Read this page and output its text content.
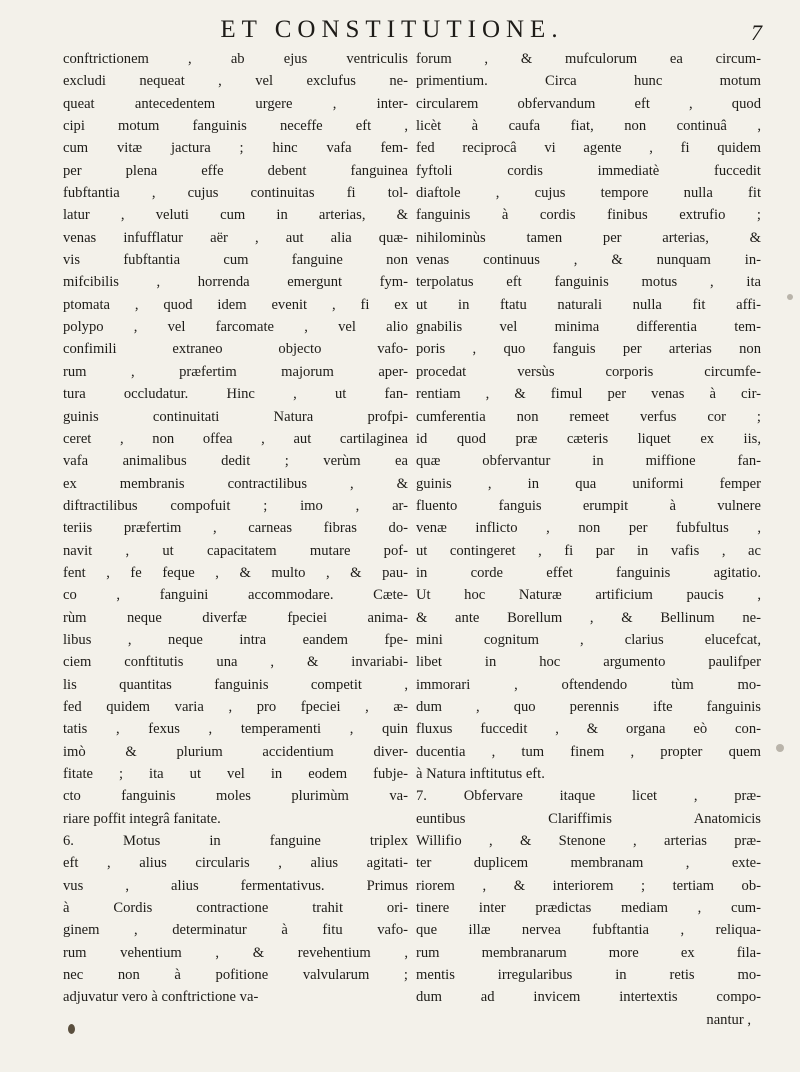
ET CONSTITUTIONE.	7
conftrictionem , ab ejus ventriculis
excludi nequeat , vel exclufus ne-
queat antecedentem urgere , inter-
cipi motum fanguinis neceffe eft ,
cum vitæ jactura ; hinc vafa fem-
per plena effe debent fanguinea
fubftantia , cujus continuitas fi tol-
latur , veluti cum in arterias, &
venas infufflatur aër , aut alia quæ-
vis fubftantia cum fanguine non
mifcibilis , horrenda emergunt fym-
ptomata , quod idem evenit , fi ex
polypo , vel farcomate , vel alio
confimili extraneo objecto vafo-
rum , præfertim majorum aper-
tura occludatur. Hinc , ut fan-
guinis continuitati Natura profpi-
ceret , non offea , aut cartilaginea
vafa animalibus dedit ; verùm ea
ex membranis contractilibus , &
diftractilibus compofuit ; imo , ar-
teriis præfertim , carneas fibras do-
navit , ut capacitatem mutare pof-
fent , fe feque , & multo , & pau-
co , fanguini accommodare. Cæte-
rùm neque diverfæ fpeciei anima-
libus , neque intra eandem fpe-
ciem conftitutis una , & invariabi-
lis quantitas fanguinis competit ,
fed quidem varia , pro fpeciei , æ-
tatis , fexus , temperamenti , quin
imò & plurium accidentium diver-
fitate ; ita ut vel in eodem fubje-
cto fanguinis moles plurimùm va-
riare poffit integrâ fanitate.
6. Motus in fanguine triplex
eft , alius circularis , alius agitati-
vus , alius fermentativus. Primus
à Cordis contractione trahit ori-
ginem , determinatur à fitu vafo-
rum vehentium , & revehentium ,
nec non à pofitione valvularum ;
adjuvatur vero à conftrictione va-
forum , & mufculorum ea circum-
primentium. Circa hunc motum
circularem obfervandum eft , quod
licèt à caufa fiat, non continuâ ,
fed reciprocâ vi agente , fi quidem
fyftoli cordis immediatè fuccedit
diaftole , cujus tempore nulla fit
fanguinis à cordis finibus extrufio ;
nihilominùs tamen per arterias, &
venas continuus , & nunquam in-
terpolatus eft fanguinis motus , ita
ut in ftatu naturali nulla fit affi-
gnabilis vel minima differentia tem-
poris , quo fanguis per arterias non
procedat versùs corporis circumfe-
rentiam , & fimul per venas à cir-
cumferentia non remeet verfus cor ;
id quod præ cæteris liquet ex iis,
quæ obfervantur in miffione fan-
guinis , in qua uniformi femper
fluento fanguis erumpit à vulnere
venæ inflicto , non per fubfultus ,
ut contingeret , fi par in vafis , ac
in corde effet fanguinis agitatio.
Ut hoc Naturæ artificium paucis ,
& ante Borellum , & Bellinum ne-
mini cognitum , clarius elucefcat,
libet in hoc argumento paulifper
immorari , oftendendo tùm mo-
dum , quo perennis ifte fanguinis
fluxus fuccedit , & organa eò con-
ducentia , tum finem , propter quem
à Natura inftitutus eft.
7. Obfervare itaque licet , præ-
euntibus Clariffimis Anatomicis
Willifio , & Stenone , arterias præ-
ter duplicem membranam , exte-
riorem , & interiorem ; tertiam ob-
tinere inter prædictas mediam , cum-
que illæ nervea fubftantia , reliqua-
rum membranarum more ex fila-
mentis irregularibus in retis mo-
dum ad invicem intertextis compo-
nantur ,
